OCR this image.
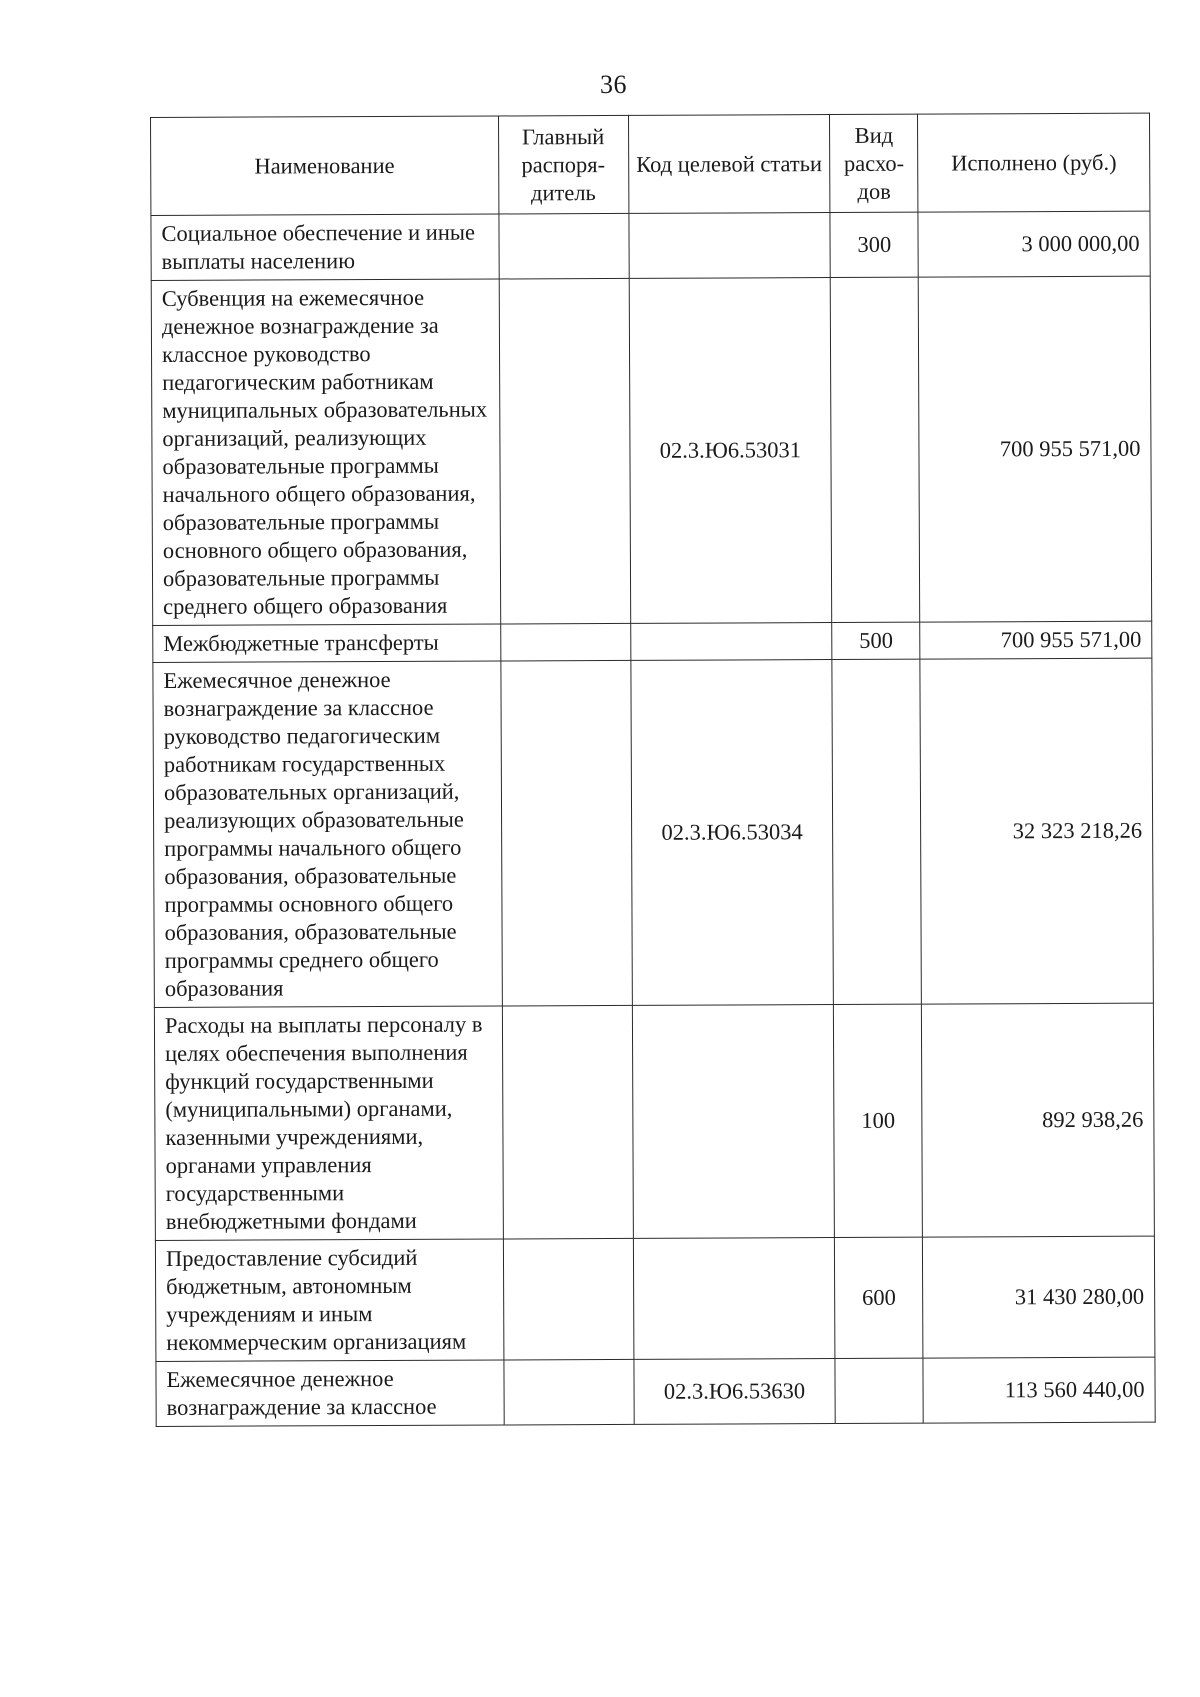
36
Наименование	Главный распоря-дитель	Код целевой статьи	Вид расхо-дов	Исполнено (руб.)
Социальное обеспечение и иные выплаты населению			300	3 000 000,00
Субвенция на ежемесячное денежное вознаграждение за классное руководство педагогическим работникам муниципальных образовательных организаций, реализующих образовательные программы начального общего образования, образовательные программы основного общего образования, образовательные программы среднего общего образования		02.3.Ю6.53031		700 955 571,00
Межбюджетные трансферты			500	700 955 571,00
Ежемесячное денежное вознаграждение за классное руководство педагогическим работникам государственных образовательных организаций, реализующих образовательные программы начального общего образования, образовательные программы основного общего образования, образовательные программы среднего общего образования		02.3.Ю6.53034		32 323 218,26
Расходы на выплаты персоналу в целях обеспечения выполнения функций государственными (муниципальными) органами, казенными учреждениями, органами управления государственными внебюджетными фондами			100	892 938,26
Предоставление субсидий бюджетным, автономным учреждениям и иным некоммерческим организациям			600	31 430 280,00
Ежемесячное денежное вознаграждение за классное		02.3.Ю6.53630		113 560 440,00
